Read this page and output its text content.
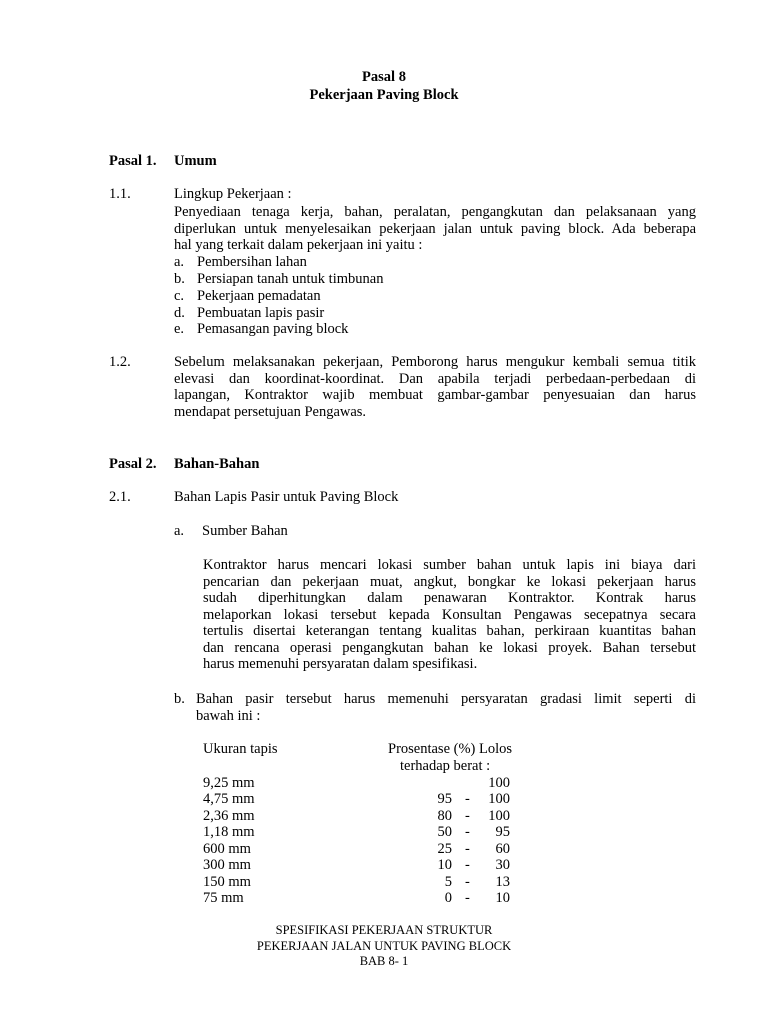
Pasal 8
Pekerjaan Paving Block
Pasal 1. Umum
1.1.	Lingkup Pekerjaan :
Penyediaan tenaga kerja, bahan, peralatan, pengangkutan dan pelaksanaan yang
diperlukan untuk menyelesaikan pekerjaan jalan untuk paving block. Ada beberapa
hal yang terkait dalam pekerjaan ini yaitu :
a. Pembersihan lahan
b. Persiapan tanah untuk timbunan
c. Pekerjaan pemadatan
d. Pembuatan lapis pasir
e. Pemasangan paving block
1.2.	Sebelum melaksanakan pekerjaan, Pemborong harus mengukur kembali semua titik
elevasi dan koordinat-koordinat. Dan apabila terjadi perbedaan-perbedaan di
lapangan, Kontraktor wajib membuat gambar-gambar penyesuaian dan harus
mendapat persetujuan Pengawas.
Pasal 2. Bahan-Bahan
2.1.	Bahan Lapis Pasir untuk Paving Block
a. Sumber Bahan
Kontraktor harus mencari lokasi sumber bahan untuk lapis ini biaya dari
pencarian dan pekerjaan muat, angkut, bongkar ke lokasi pekerjaan harus
sudah diperhitungkan dalam penawaran Kontraktor. Kontrak harus
melaporkan lokasi tersebut kepada Konsultan Pengawas secepatnya secara
tertulis disertai keterangan tentang kualitas bahan, perkiraan kuantitas bahan
dan rencana operasi pengangkutan bahan ke lokasi proyek. Bahan tersebut
harus memenuhi persyaratan dalam spesifikasi.
b. Bahan pasir tersebut harus memenuhi persyaratan gradasi limit seperti di
bawah ini :
Ukuran tapis	Prosentase (%) Lolos
terhadap berat :
9,25 mm	100
4,75 mm	95 -	100
2,36 mm	80 -	100
1,18 mm	50 -	95
600 mm	25 -	60
300 mm	10 -	30
150 mm	5 -	13
75 mm	0 -	10
SPESIFIKASI PEKERJAAN STRUKTUR
PEKERJAAN JALAN UNTUK PAVING BLOCK
BAB 8- 1
